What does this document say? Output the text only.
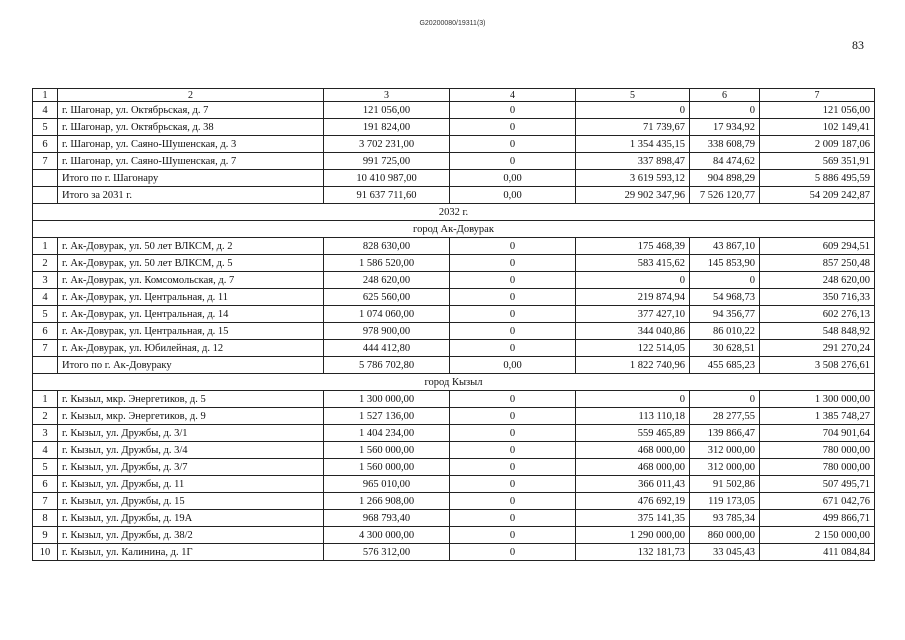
G20200080/19311(3)
83
1	2	3	4	5	6	7
4	г. Шагонар, ул. Октябрьская, д. 7	121 056,00	0	0	0	121 056,00
5	г. Шагонар, ул. Октябрьская, д. 38	191 824,00	0	71 739,67	17 934,92	102 149,41
6	г. Шагонар, ул. Саяно-Шушенская, д. 3	3 702 231,00	0	1 354 435,15	338 608,79	2 009 187,06
7	г. Шагонар, ул. Саяно-Шушенская, д. 7	991 725,00	0	337 898,47	84 474,62	569 351,91
	Итого по г. Шагонару	10 410 987,00	0,00	3 619 593,12	904 898,29	5 886 495,59
	Итого за 2031 г.	91 637 711,60	0,00	29 902 347,96	7 526 120,77	54 209 242,87
2032 г.						
город Ак-Довурак						
1	г. Ак-Довурак, ул. 50 лет ВЛКСМ, д. 2	828 630,00	0	175 468,39	43 867,10	609 294,51
2	г. Ак-Довурак, ул. 50 лет ВЛКСМ, д. 5	1 586 520,00	0	583 415,62	145 853,90	857 250,48
3	г. Ак-Довурак, ул. Комсомольская, д. 7	248 620,00	0	0	0	248 620,00
4	г. Ак-Довурак, ул. Центральная, д. 11	625 560,00	0	219 874,94	54 968,73	350 716,33
5	г. Ак-Довурак, ул. Центральная, д. 14	1 074 060,00	0	377 427,10	94 356,77	602 276,13
6	г. Ак-Довурак, ул. Центральная, д. 15	978 900,00	0	344 040,86	86 010,22	548 848,92
7	г. Ак-Довурак, ул. Юбилейная, д. 12	444 412,80	0	122 514,05	30 628,51	291 270,24
	Итого по г. Ак-Довураку	5 786 702,80	0,00	1 822 740,96	455 685,23	3 508 276,61
город Кызыл						
1	г. Кызыл, мкр. Энергетиков, д. 5	1 300 000,00	0	0	0	1 300 000,00
2	г. Кызыл, мкр. Энергетиков, д. 9	1 527 136,00	0	113 110,18	28 277,55	1 385 748,27
3	г. Кызыл, ул. Дружбы, д. 3/1	1 404 234,00	0	559 465,89	139 866,47	704 901,64
4	г. Кызыл, ул. Дружбы, д. 3/4	1 560 000,00	0	468 000,00	312 000,00	780 000,00
5	г. Кызыл, ул. Дружбы, д. 3/7	1 560 000,00	0	468 000,00	312 000,00	780 000,00
6	г. Кызыл, ул. Дружбы, д. 11	965 010,00	0	366 011,43	91 502,86	507 495,71
7	г. Кызыл, ул. Дружбы, д. 15	1 266 908,00	0	476 692,19	119 173,05	671 042,76
8	г. Кызыл, ул. Дружбы, д. 19А	968 793,40	0	375 141,35	93 785,34	499 866,71
9	г. Кызыл, ул. Дружбы, д. 38/2	4 300 000,00	0	1 290 000,00	860 000,00	2 150 000,00
10	г. Кызыл, ул. Калинина, д. 1Г	576 312,00	0	132 181,73	33 045,43	411 084,84
